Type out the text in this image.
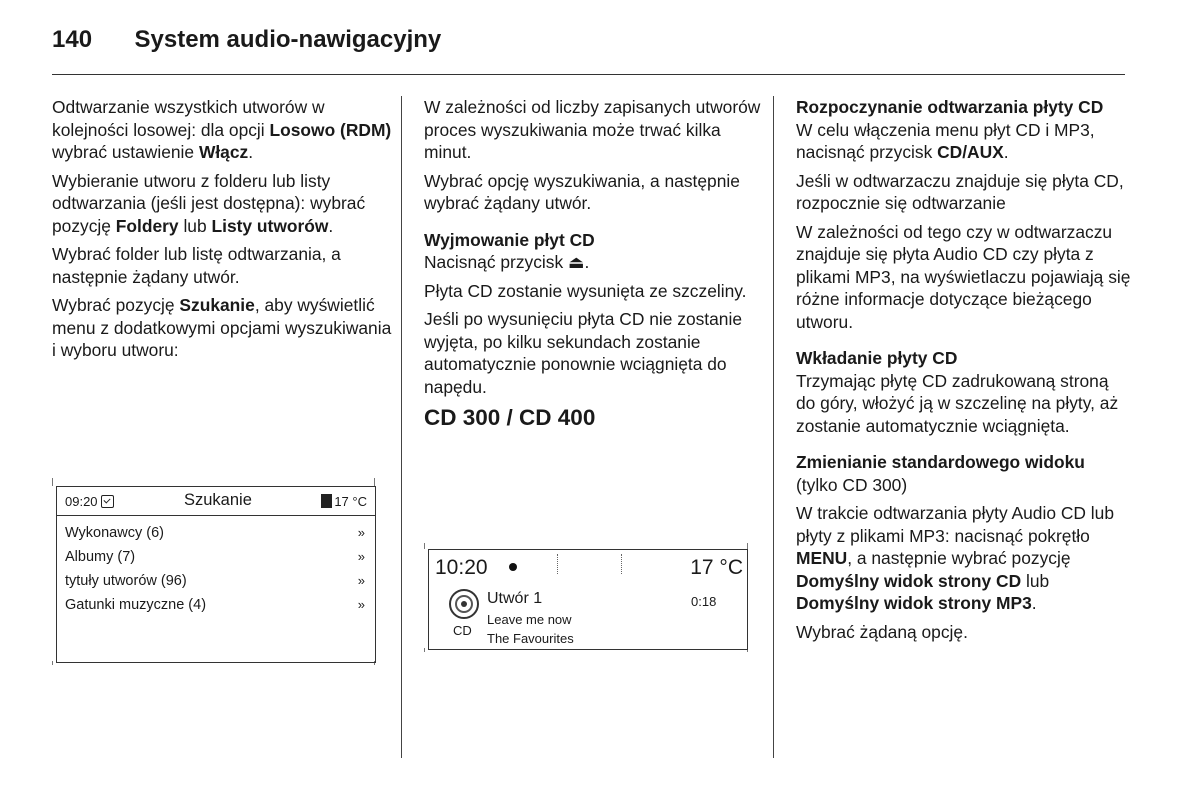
140 System audio-nawigacyjny

Odtwarzanie wszystkich utworów w kolejności losowej: dla opcji Losowo (RDM) wybrać ustawienie Włącz.

Wybieranie utworu z folderu lub listy odtwarzania (jeśli jest dostępna): wybrać pozycję Foldery lub Listy utworów.

Wybrać folder lub listę odtwarzania, a następnie żądany utwór.

Wybrać pozycję Szukanie, aby wyświetlić menu z dodatkowymi opcjami wyszukiwania i wyboru utworu:

09:20	Szukanie	17 °C
Wykonawcy (6)	»
Albumy (7)	»
tytuły utworów (96)	»
Gatunki muzyczne (4)	»

W zależności od liczby zapisanych utworów proces wyszukiwania może trwać kilka minut.

Wybrać opcję wyszukiwania, a następnie wybrać żądany utwór.

Wyjmowanie płyt CD
Nacisnąć przycisk ⏏.

Płyta CD zostanie wysunięta ze szczeliny.

Jeśli po wysunięciu płyta CD nie zostanie wyjęta, po kilku sekundach zostanie automatycznie ponownie wciągnięta do napędu.

CD 300 / CD 400

10:20	17 °C
CD
Utwór 1	0:18
Leave me now
The Favourites

Rozpoczynanie odtwarzania płyty CD
W celu włączenia menu płyt CD i MP3, nacisnąć przycisk CD/AUX.

Jeśli w odtwarzaczu znajduje się płyta CD, rozpocznie się odtwarzanie

W zależności od tego czy w odtwarzaczu znajduje się płyta Audio CD czy płyta z plikami MP3, na wyświetlaczu pojawiają się różne informacje dotyczące bieżącego utworu.

Wkładanie płyty CD
Trzymając płytę CD zadrukowaną stroną do góry, włożyć ją w szczelinę na płyty, aż zostanie automatycznie wciągnięta.

Zmienianie standardowego widoku
(tylko CD 300)

W trakcie odtwarzania płyty Audio CD lub płyty z plikami MP3: nacisnąć pokrętło MENU, a następnie wybrać pozycję Domyślny widok strony CD lub Domyślny widok strony MP3.

Wybrać żądaną opcję.
